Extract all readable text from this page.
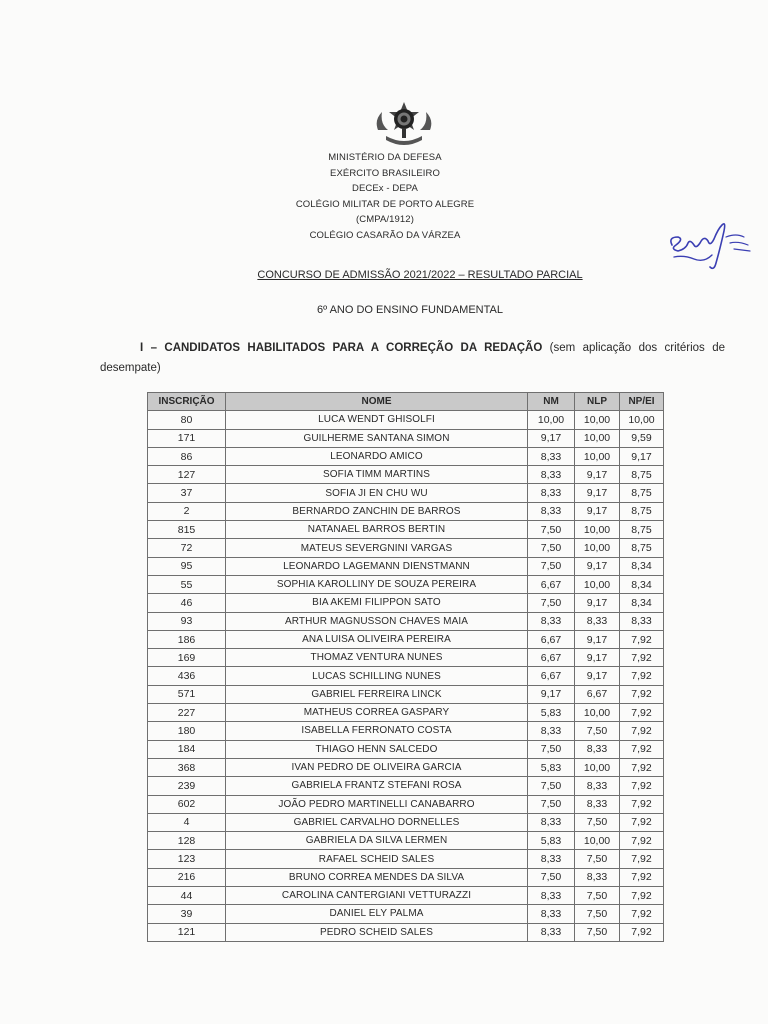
MINISTÉRIO DA DEFESA
EXÉRCITO BRASILEIRO
DECEx - DEPA
COLÉGIO MILITAR DE PORTO ALEGRE
(CMPA/1912)
COLÉGIO CASARÃO DA VÁRZEA
CONCURSO DE ADMISSÃO 2021/2022 – RESULTADO PARCIAL
6º ANO DO ENSINO FUNDAMENTAL
I – CANDIDATOS HABILITADOS PARA A CORREÇÃO DA REDAÇÃO (sem aplicação dos critérios de desempate)
INSCRIÇÃO	NOME	NM	NLP	NP/EI
80	LUCA WENDT GHISOLFI	10,00	10,00	10,00
171	GUILHERME SANTANA SIMON	9,17	10,00	9,59
86	LEONARDO AMICO	8,33	10,00	9,17
127	SOFIA TIMM MARTINS	8,33	9,17	8,75
37	SOFIA JI EN CHU WU	8,33	9,17	8,75
2	BERNARDO ZANCHIN DE BARROS	8,33	9,17	8,75
815	NATANAEL BARROS BERTIN	7,50	10,00	8,75
72	MATEUS SEVERGNINI VARGAS	7,50	10,00	8,75
95	LEONARDO LAGEMANN DIENSTMANN	7,50	9,17	8,34
55	SOPHIA KAROLLINY DE SOUZA PEREIRA	6,67	10,00	8,34
46	BIA AKEMI FILIPPON SATO	7,50	9,17	8,34
93	ARTHUR MAGNUSSON CHAVES MAIA	8,33	8,33	8,33
186	ANA LUISA OLIVEIRA PEREIRA	6,67	9,17	7,92
169	THOMAZ VENTURA NUNES	6,67	9,17	7,92
436	LUCAS SCHILLING NUNES	6,67	9,17	7,92
571	GABRIEL FERREIRA LINCK	9,17	6,67	7,92
227	MATHEUS CORREA GASPARY	5,83	10,00	7,92
180	ISABELLA FERRONATO COSTA	8,33	7,50	7,92
184	THIAGO HENN SALCEDO	7,50	8,33	7,92
368	IVAN PEDRO DE OLIVEIRA GARCIA	5,83	10,00	7,92
239	GABRIELA FRANTZ STEFANI ROSA	7,50	8,33	7,92
602	JOÃO PEDRO MARTINELLI CANABARRO	7,50	8,33	7,92
4	GABRIEL CARVALHO DORNELLES	8,33	7,50	7,92
128	GABRIELA DA SILVA LERMEN	5,83	10,00	7,92
123	RAFAEL SCHEID SALES	8,33	7,50	7,92
216	BRUNO CORREA MENDES DA SILVA	7,50	8,33	7,92
44	CAROLINA CANTERGIANI VETTURAZZI	8,33	7,50	7,92
39	DANIEL ELY PALMA	8,33	7,50	7,92
121	PEDRO SCHEID SALES	8,33	7,50	7,92
